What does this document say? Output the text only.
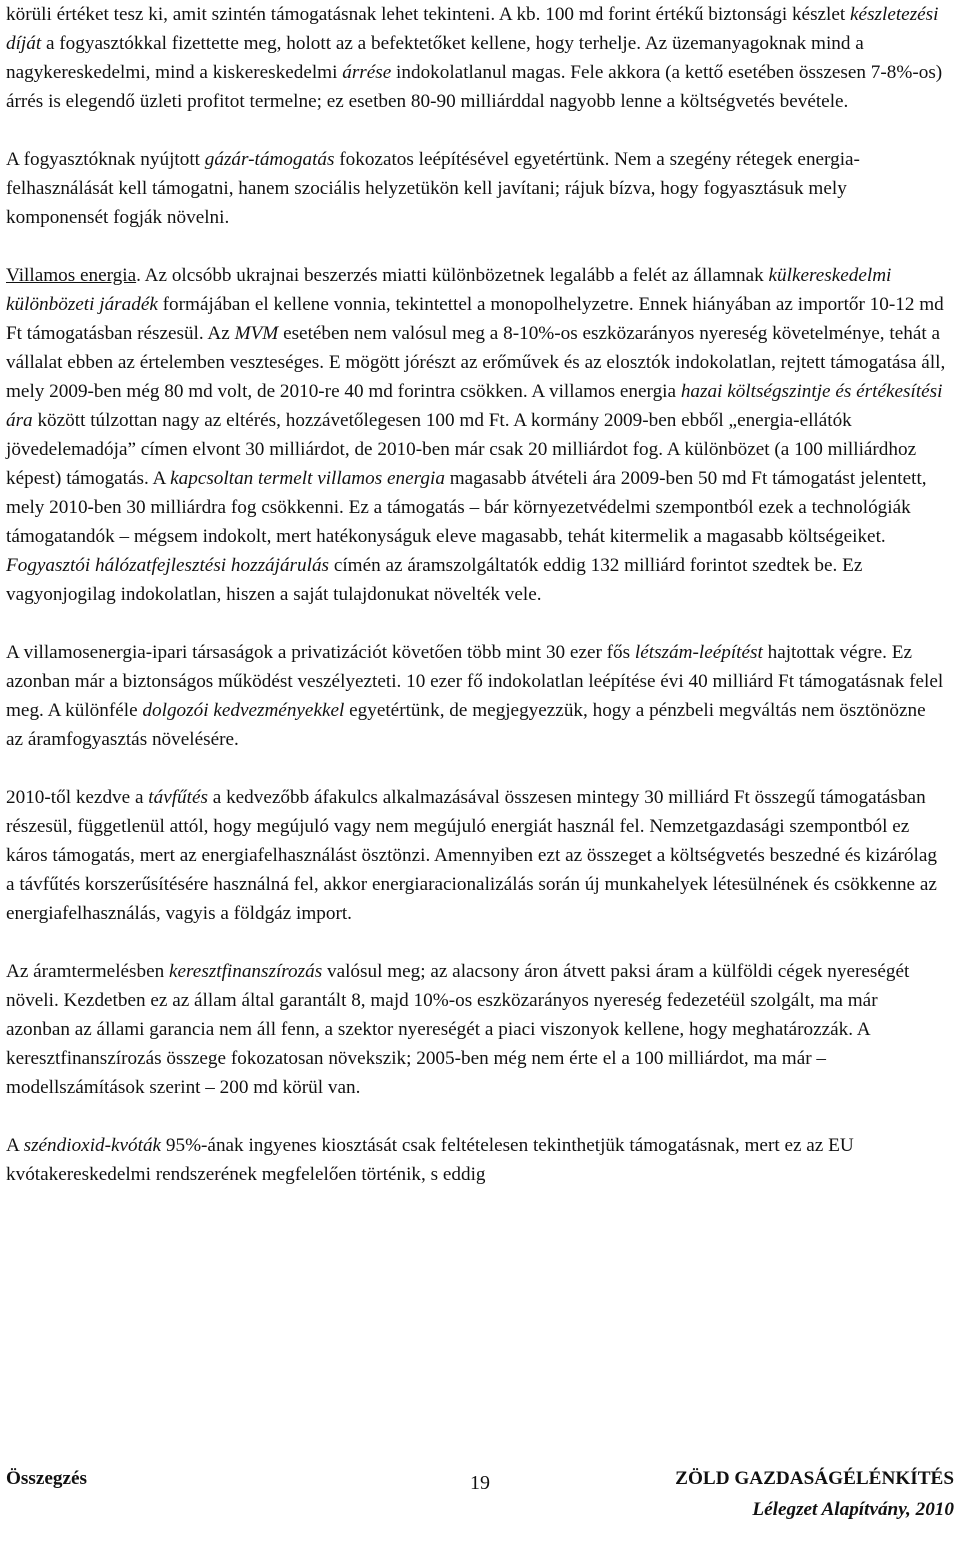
körüli értéket tesz ki, amit szintén támogatásnak lehet tekinteni. A kb. 100 md forint értékű biztonsági készlet készletezési díját a fogyasztókkal fizettette meg, holott az a befektetőket kellene, hogy terhelje. Az üzemanyagoknak mind a nagykereskedelmi, mind a kiskereskedelmi árrése indokolatlanul magas. Fele akkora (a kettő esetében összesen 7-8%-os) árrés is elegendő üzleti profitot termelne; ez esetben 80-90 milliárddal nagyobb lenne a költségvetés bevétele.

A fogyasztóknak nyújtott gázár-támogatás fokozatos leépítésével egyetértünk. Nem a szegény rétegek energia-felhasználását kell támogatni, hanem szociális helyzetükön kell javítani; rájuk bízva, hogy fogyasztásuk mely komponensét fogják növelni.

Villamos energia. Az olcsóbb ukrajnai beszerzés miatti különbözetnek legalább a felét az államnak külkereskedelmi különbözeti járadék formájában el kellene vonnia, tekintettel a monopolhelyzetre. Ennek hiányában az importőr 10-12 md Ft támogatásban részesül. Az MVM esetében nem valósul meg a 8-10%-os eszközarányos nyereség követelménye, tehát a vállalat ebben az értelemben veszteséges. E mögött jórészt az erőművek és az elosztók indokolatlan, rejtett támogatása áll, mely 2009-ben még 80 md volt, de 2010-re 40 md forintra csökken. A villamos energia hazai költségszintje és értékesítési ára között túlzottan nagy az eltérés, hozzávetőlegesen 100 md Ft. A kormány 2009-ben ebből „energia-ellátók jövedelemadója” címen elvont 30 milliárdot, de 2010-ben már csak 20 milliárdot fog. A különbözet (a 100 milliárdhoz képest) támogatás. A kapcsoltan termelt villamos energia magasabb átvételi ára 2009-ben 50 md Ft támogatást jelentett, mely 2010-ben 30 milliárdra fog csökkenni. Ez a támogatás – bár környezetvédelmi szempontból ezek a technológiák támogatandók – mégsem indokolt, mert hatékonyságuk eleve magasabb, tehát kitermelik a magasabb költségeiket. Fogyasztói hálózatfejlesztési hozzájárulás címén az áramszolgáltatók eddig 132 milliárd forintot szedtek be. Ez vagyonjogilag indokolatlan, hiszen a saját tulajdonukat növelték vele.

A villamosenergia-ipari társaságok a privatizációt követően több mint 30 ezer fős létszám-leépítést hajtottak végre. Ez azonban már a biztonságos működést veszélyezteti. 10 ezer fő indokolatlan leépítése évi 40 milliárd Ft támogatásnak felel meg. A különféle dolgozói kedvezményekkel egyetértünk, de megjegyezzük, hogy a pénzbeli megváltás nem ösztönözne az áramfogyasztás növelésére.

2010-től kezdve a távfűtés a kedvezőbb áfakulcs alkalmazásával összesen mintegy 30 milliárd Ft összegű támogatásban részesül, függetlenül attól, hogy megújuló vagy nem megújuló energiát használ fel. Nemzetgazdasági szempontból ez káros támogatás, mert az energiafelhasználást ösztönzi. Amennyiben ezt az összeget a költségvetés beszedné és kizárólag a távfűtés korszerűsítésére használná fel, akkor energiaracionalizálás során új munkahelyek létesülnének és csökkenne az energiafelhasználás, vagyis a földgáz import.

Az áramtermelésben keresztfinanszírozás valósul meg; az alacsony áron átvett paksi áram a külföldi cégek nyereségét növeli. Kezdetben ez az állam által garantált 8, majd 10%-os eszközarányos nyereség fedezetéül szolgált, ma már azonban az állami garancia nem áll fenn, a szektor nyereségét a piaci viszonyok kellene, hogy meghatározzák. A keresztfinanszírozás összege fokozatosan növekszik; 2005-ben még nem érte el a 100 milliárdot, ma már – modellszámítások szerint – 200 md körül van.

A széndioxid-kvóták 95%-ának ingyenes kiosztását csak feltételesen tekinthetjük támogatásnak, mert ez az EU kvótakereskedelmi rendszerének megfelelően történik, s eddig

Összegzés	19	ZÖLD GAZDASÁGÉLÉNKÍTÉS
Lélegzet Alapítvány, 2010
